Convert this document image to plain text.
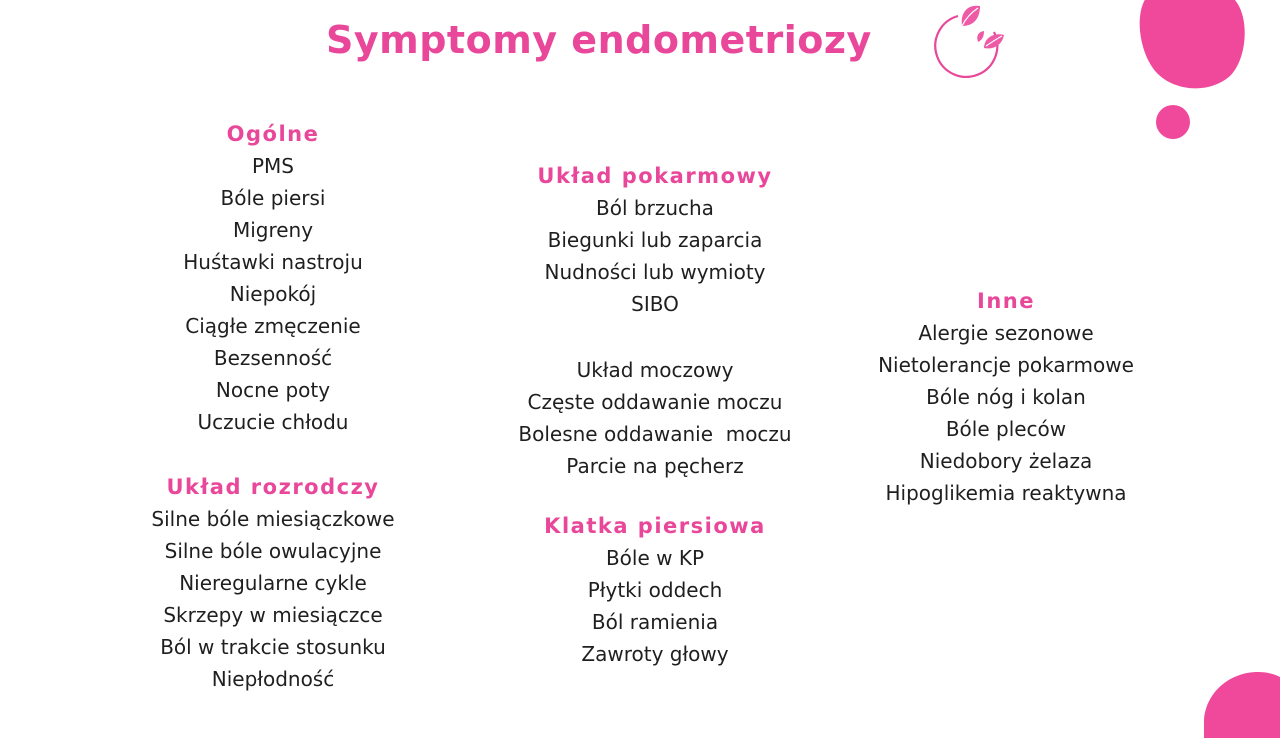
Symptomy endometriozy
Ogólne
PMS
Bóle piersi
Migreny
Huśtawki nastroju
Niepokój
Ciągłe zmęczenie
Bezsenność
Nocne poty
Uczucie chłodu
Układ rozrodczy
Silne bóle miesiączkowe
Silne bóle owulacyjne
Nieregularne cykle
Skrzepy w miesiączce
Ból w trakcie stosunku
Niepłodność
Układ pokarmowy
Ból brzucha
Biegunki lub zaparcia
Nudności lub wymioty
SIBO
Układ moczowy
Częste oddawanie moczu
Bolesne oddawanie  moczu
Parcie na pęcherz
Klatka piersiowa
Bóle w KP
Płytki oddech
Ból ramienia
Zawroty głowy
Inne
Alergie sezonowe
Nietolerancje pokarmowe
Bóle nóg i kolan
Bóle pleców
Niedobory żelaza
Hipoglikemia reaktywna
